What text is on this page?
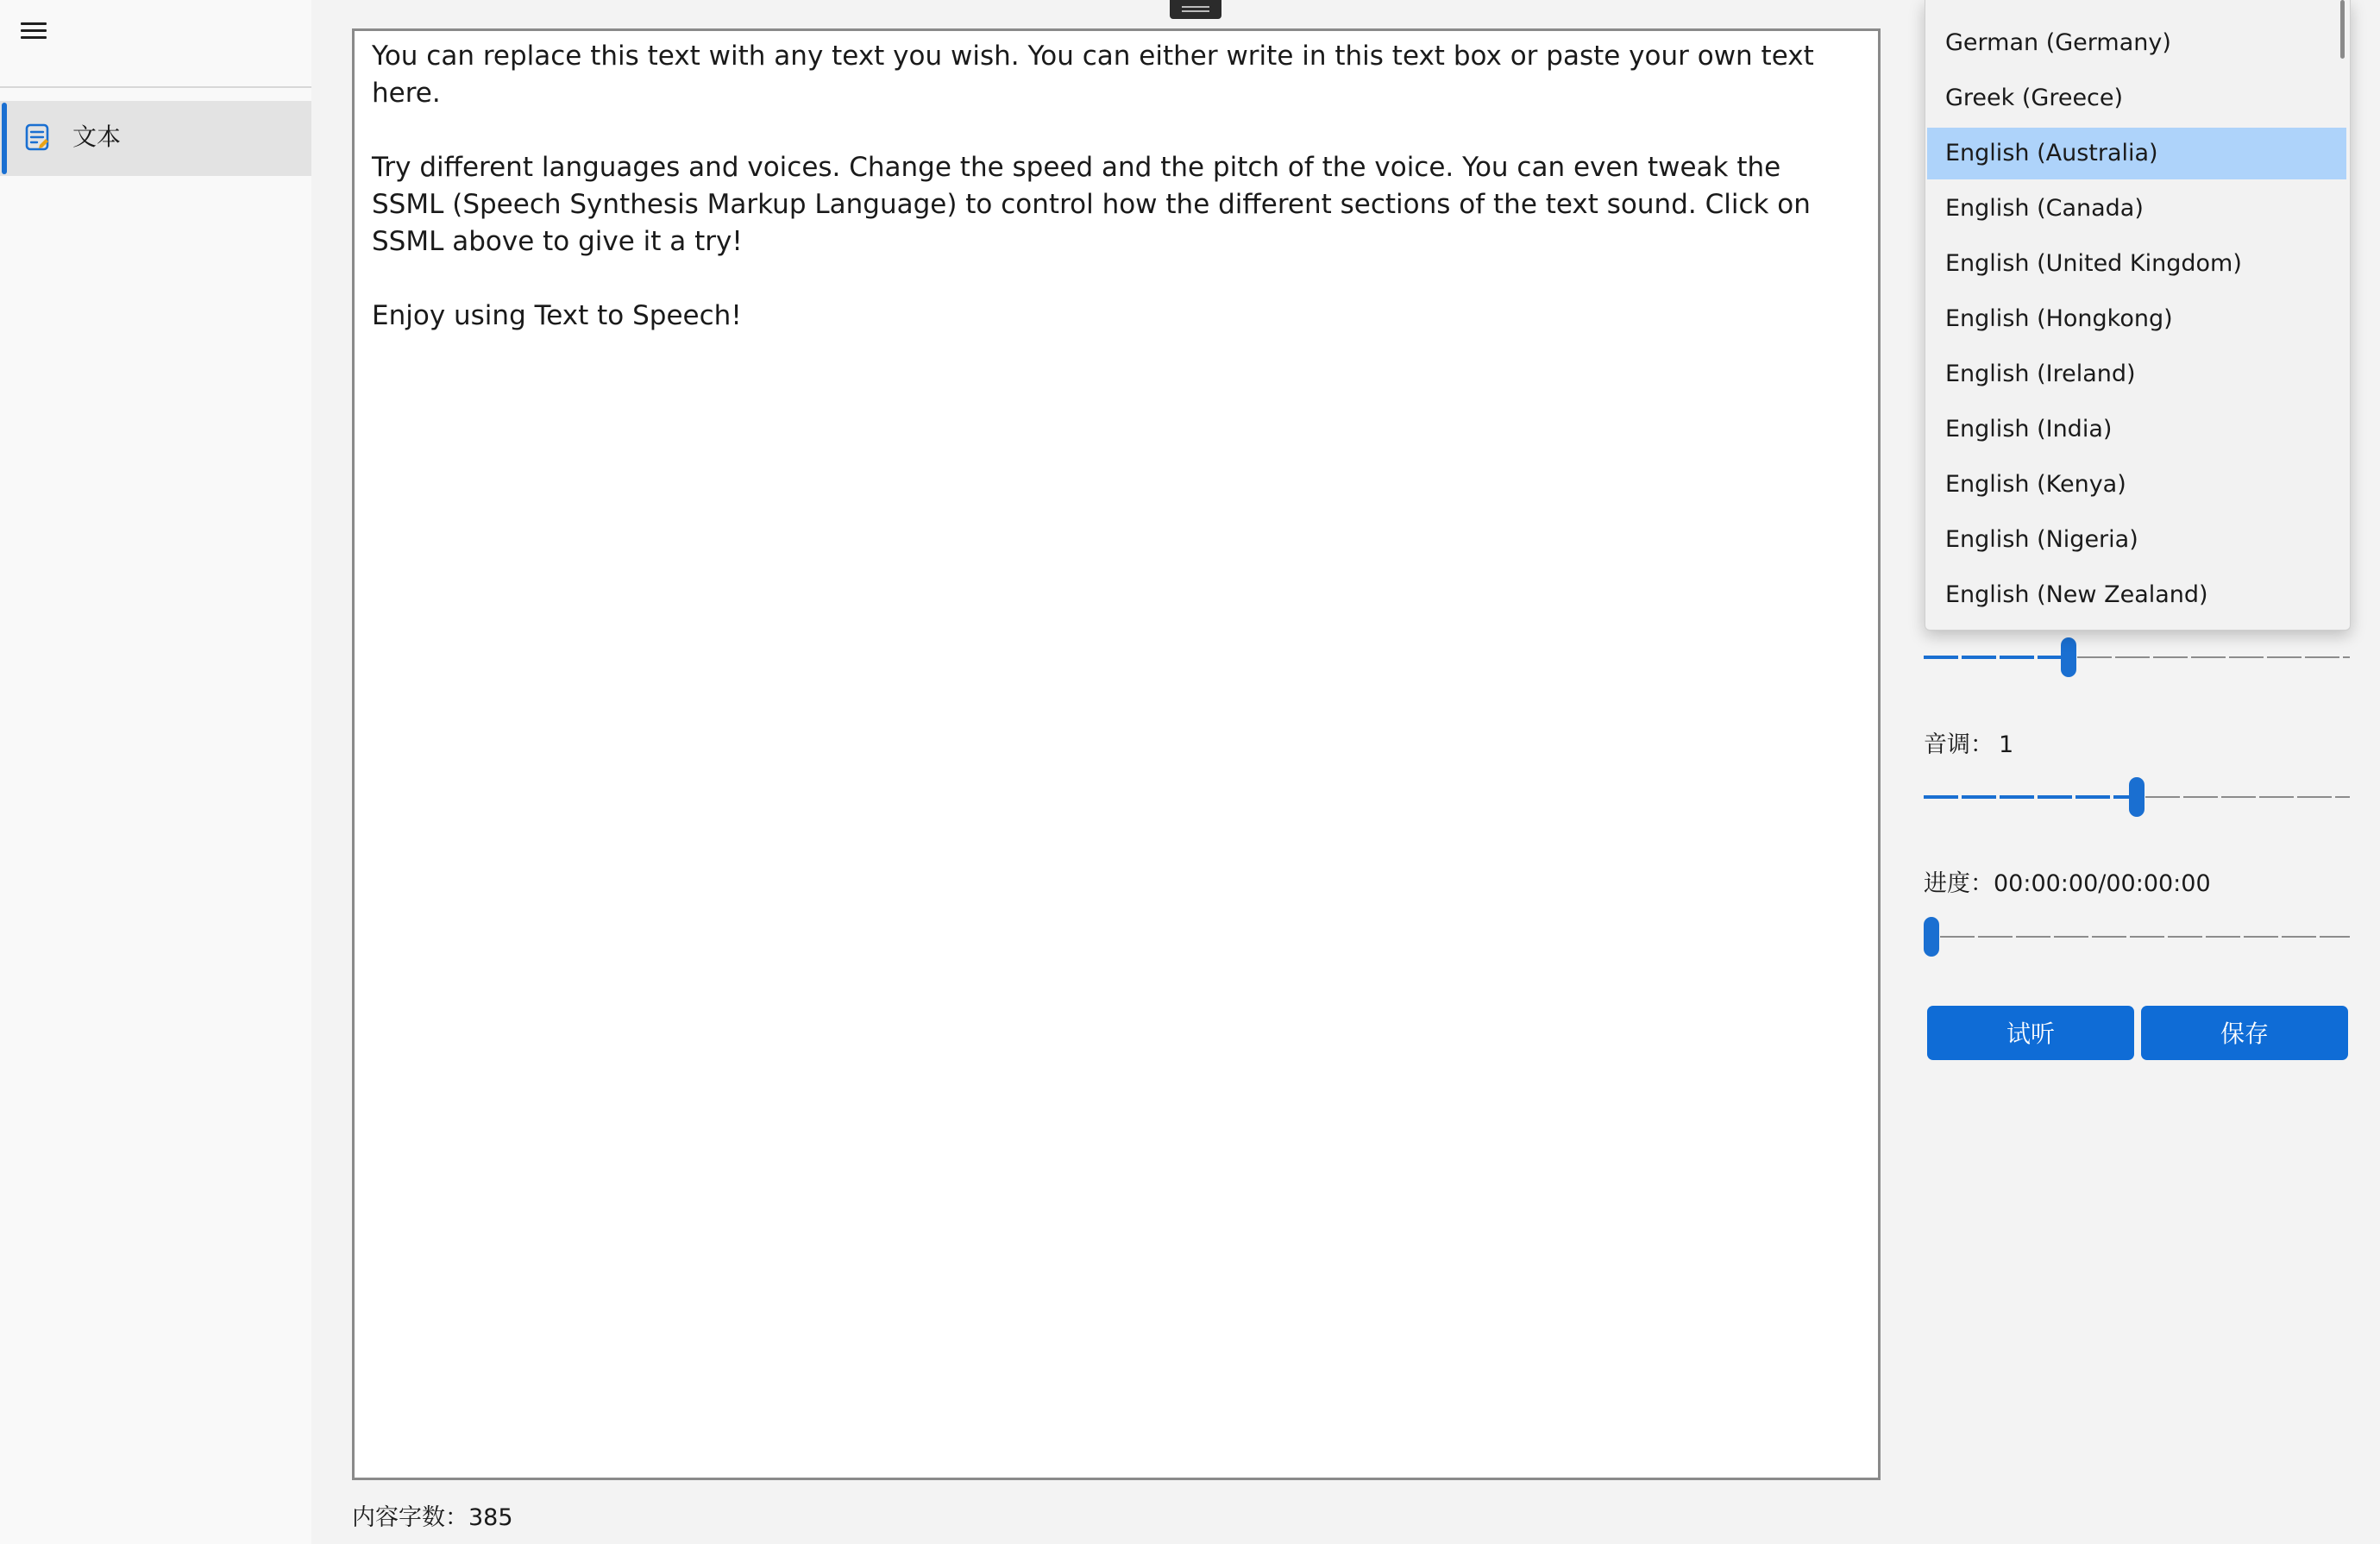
文本
You can replace this text with any text you wish. You can either write in this text box or paste your own text here.

Try different languages and voices. Change the speed and the pitch of the voice. You can even tweak the SSML (Speech Synthesis Markup Language) to control how the different sections of the text sound. Click on SSML above to give it a try!

Enjoy using Text to Speech!
内容字数：385
音调： 1
进度：00:00:00/00:00:00
试听	保存
German (Germany)
Greek (Greece)
English (Australia)
English (Canada)
English (United Kingdom)
English (Hongkong)
English (Ireland)
English (India)
English (Kenya)
English (Nigeria)
English (New Zealand)
